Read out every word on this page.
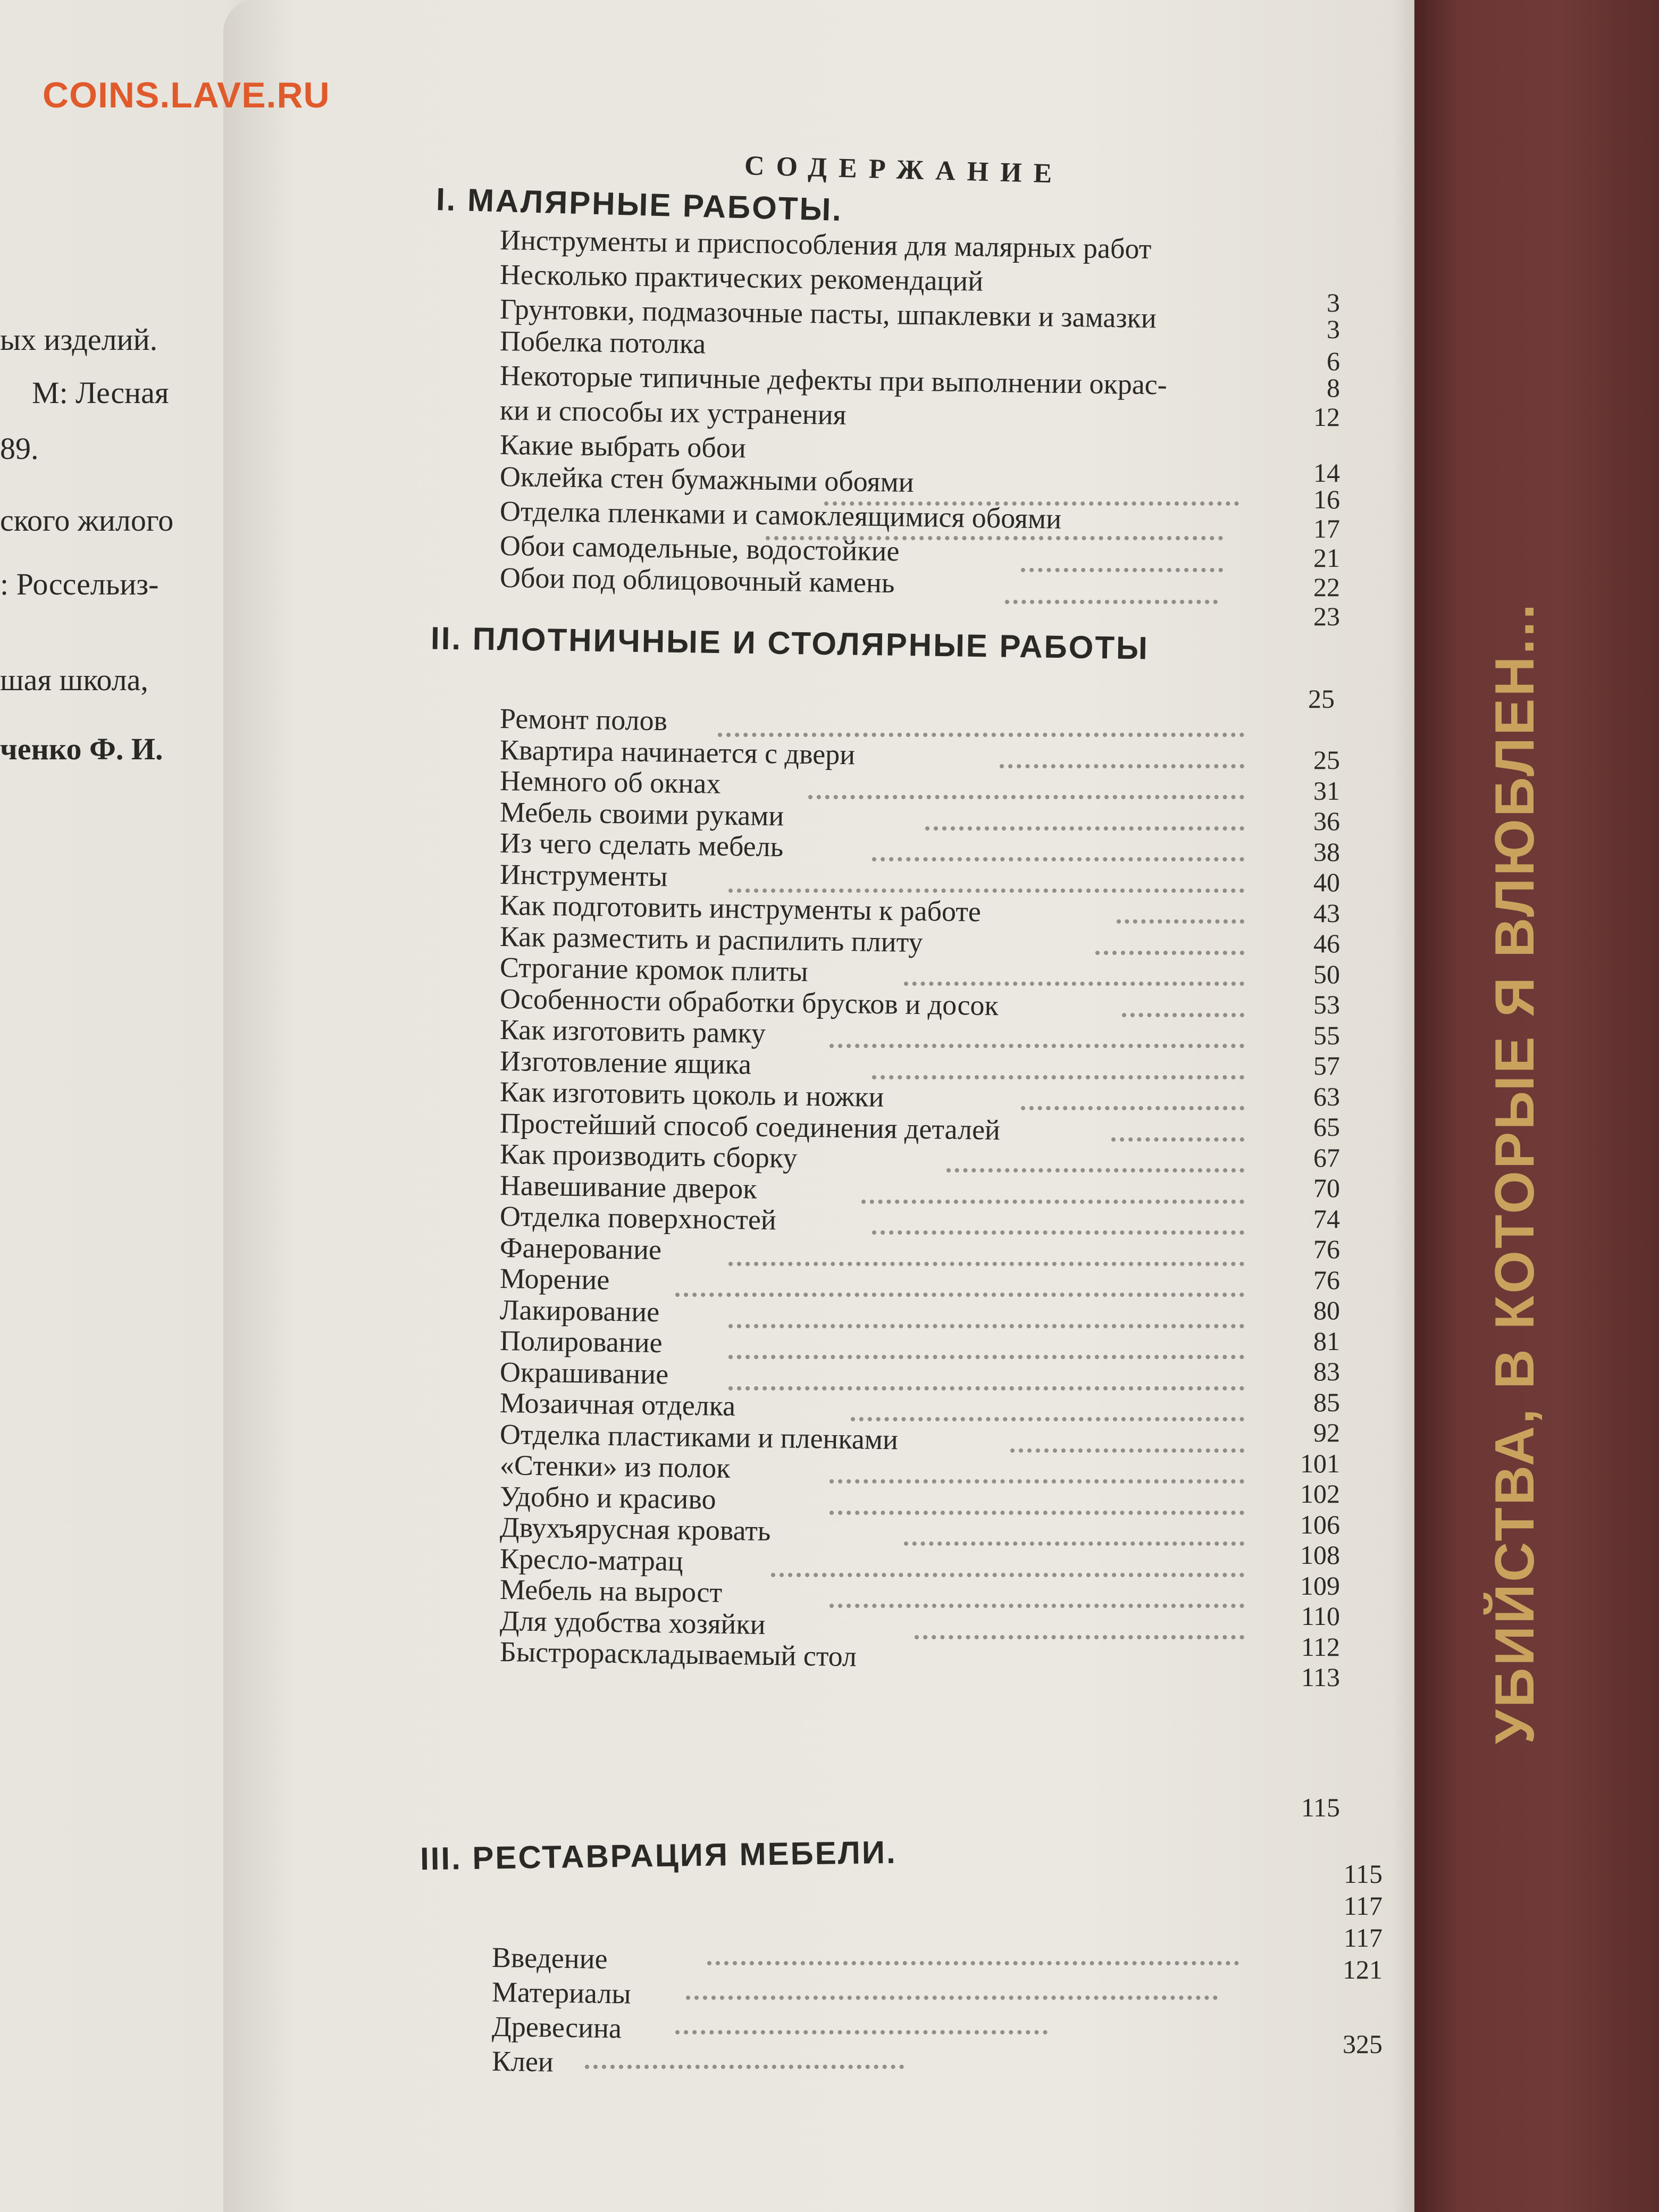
ых изделий.
М: Лесная
89.
ского жилого
: Россельиз-
шая школа,
ченко Ф. И.	УБИЙСТВА, В КОТОРЫЕ Я ВЛЮБЛЕН...
COINS.LAVE.RU
СОДЕРЖАНИЕ
I. МАЛЯРНЫЕ РАБОТЫ.
II. ПЛОТНИЧНЫЕ И СТОЛЯРНЫЕ РАБОТЫ
25
III. РЕСТАВРАЦИЯ МЕБЕЛИ.
Инструменты и приспособления для малярных работ
Несколько практических рекомендаций
Грунтовки, подмазочные пасты, шпаклевки и замазки
Побелка потолка
Некоторые типичные дефекты при выполнении окрас-
ки и способы их устранения
Какие выбрать обои
Оклейка стен бумажными обоями
Отделка пленками и самоклеящимися обоями
Обои самодельные, водостойкие
Обои под облицовочный камень
3
3
6
8
12
14
16
17
21
22
23
Ремонт полов
Квартира начинается с двери
Немного об окнах
Мебель своими руками
Из чего сделать мебель
Инструменты
Как подготовить инструменты к работе
Как разместить и распилить плиту
Строгание кромок плиты
Особенности обработки брусков и досок
Как изготовить рамку
Изготовление ящика
Как изготовить цоколь и ножки
Простейший способ соединения деталей
Как производить сборку
Навешивание дверок
Отделка поверхностей
Фанерование
Морение
Лакирование
Полирование
Окрашивание
Мозаичная отделка
Отделка пластиками и пленками
«Стенки» из полок
Удобно и красиво
Двухъярусная кровать
Кресло-матрац
Мебель на вырост
Для удобства хозяйки
Быстрораскладываемый стол
25
31
36
38
40
43
46
50
53
55
57
63
65
67
70
74
76
76
80
81
83
85
92
101
102
106
108
109
110
112
113
115
Введение
Материалы
Древесина
Клеи
115
117
117
121
325
